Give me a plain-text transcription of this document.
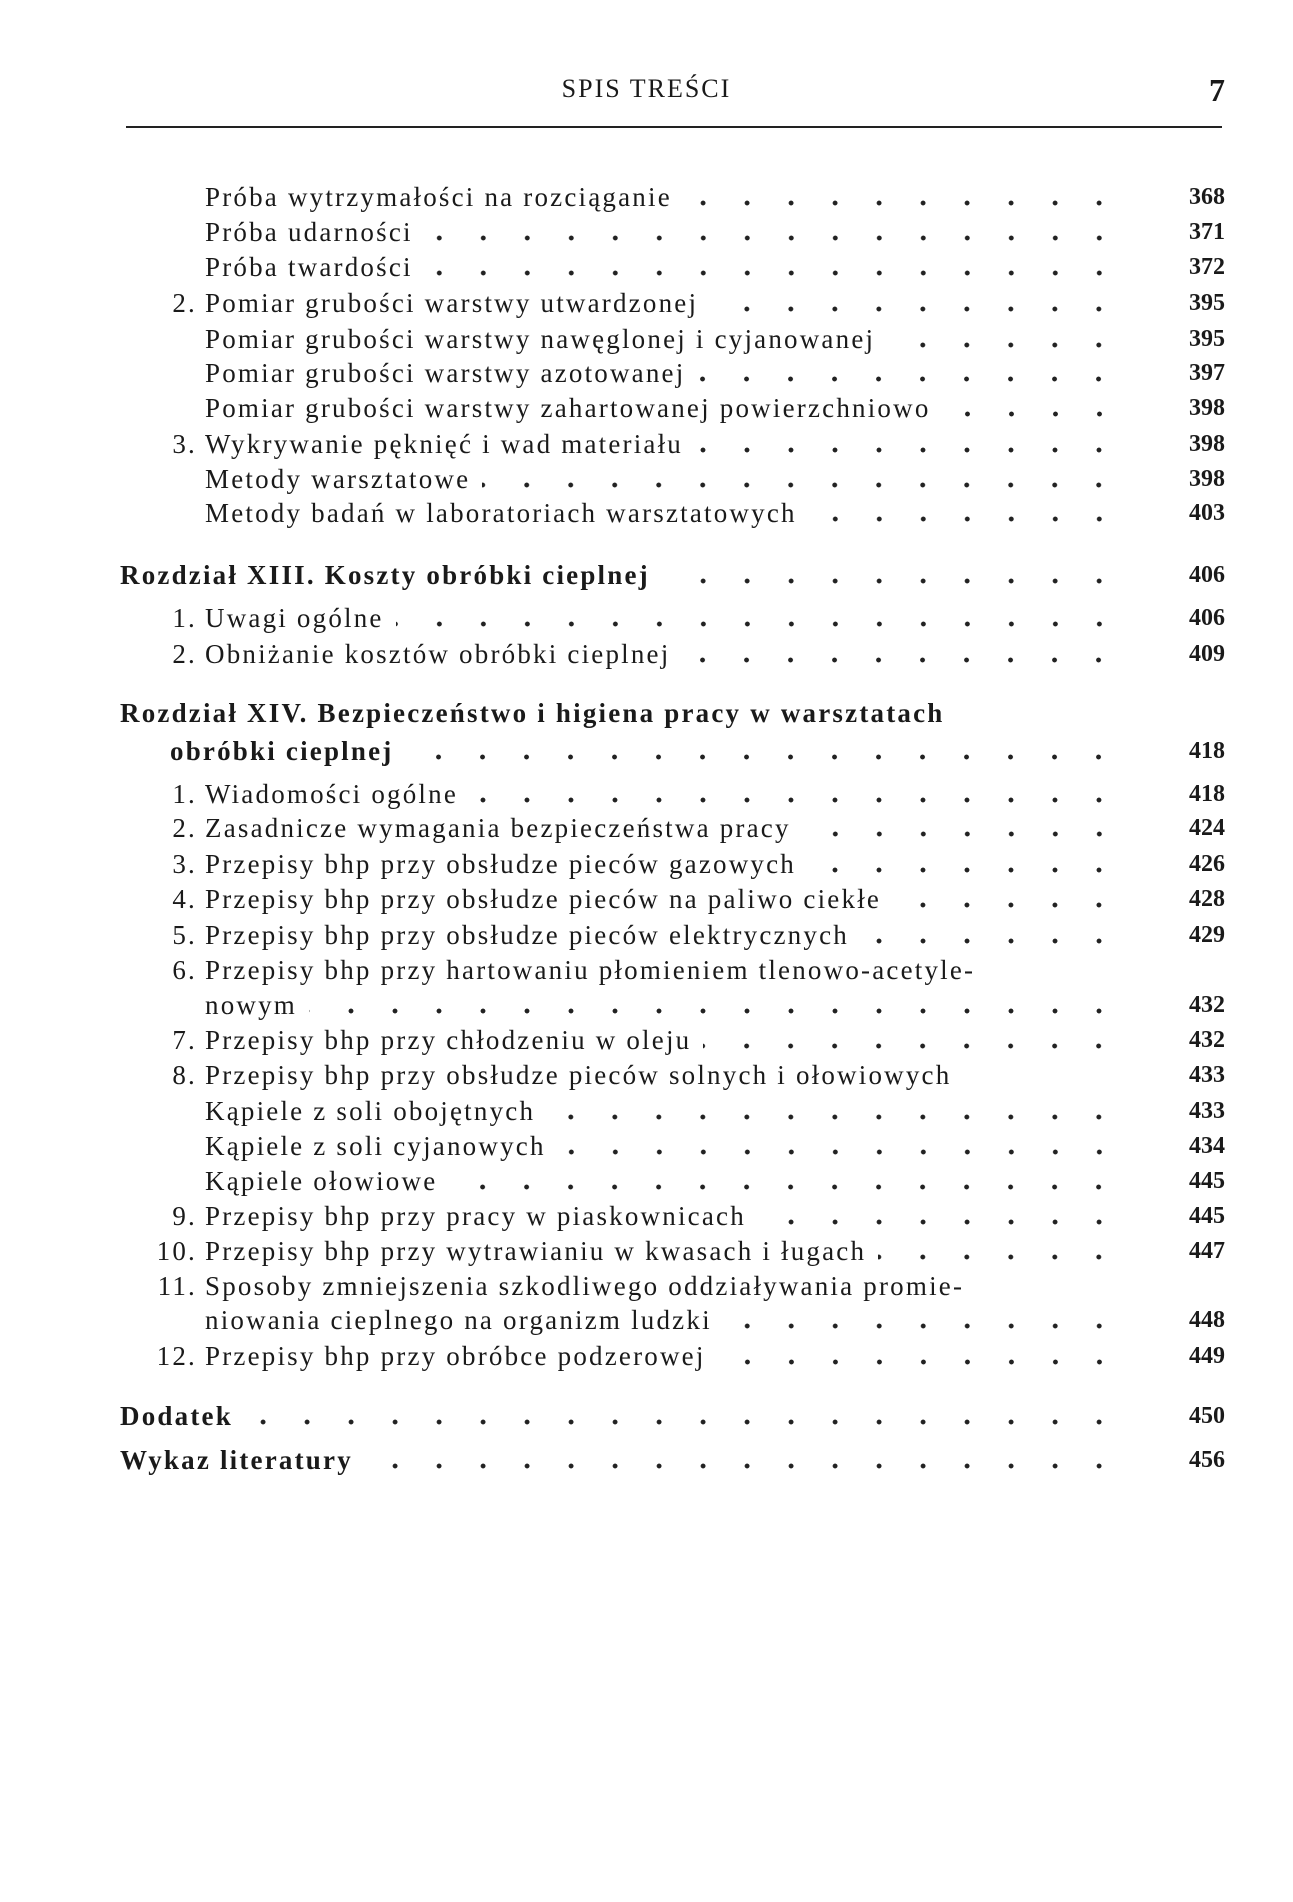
SPIS TREŚCI	7
Próba wytrzymałości na rozciąganie	368
Próba udarności	371
Próba twardości	372
2. Pomiar grubości warstwy utwardzonej	395
Pomiar grubości warstwy nawęglonej i cyjanowanej	395
Pomiar grubości warstwy azotowanej	397
Pomiar grubości warstwy zahartowanej powierzchniowo	398
3. Wykrywanie pęknięć i wad materiału	398
Metody warsztatowe	398
Metody badań w laboratoriach warsztatowych	403
Rozdział XIII. Koszty obróbki cieplnej	406
1. Uwagi ogólne	406
2. Obniżanie kosztów obróbki cieplnej	409
Rozdział XIV. Bezpieczeństwo i higiena pracy w warsztatach
obróbki cieplnej	418
1. Wiadomości ogólne	418
2. Zasadnicze wymagania bezpieczeństwa pracy	424
3. Przepisy bhp przy obsłudze pieców gazowych	426
4. Przepisy bhp przy obsłudze pieców na paliwo ciekłe	428
5. Przepisy bhp przy obsłudze pieców elektrycznych	429
6. Przepisy bhp przy hartowaniu płomieniem tlenowo-acetyle-
nowym	432
7. Przepisy bhp przy chłodzeniu w oleju	432
8. Przepisy bhp przy obsłudze pieców solnych i ołowiowych	433
Kąpiele z soli obojętnych	433
Kąpiele z soli cyjanowych	434
Kąpiele ołowiowe	445
9. Przepisy bhp przy pracy w piaskownicach	445
10. Przepisy bhp przy wytrawianiu w kwasach i ługach	447
11. Sposoby zmniejszenia szkodliwego oddziaływania promie-
niowania cieplnego na organizm ludzki	448
12. Przepisy bhp przy obróbce podzerowej	449
Dodatek	450
Wykaz literatury	456
